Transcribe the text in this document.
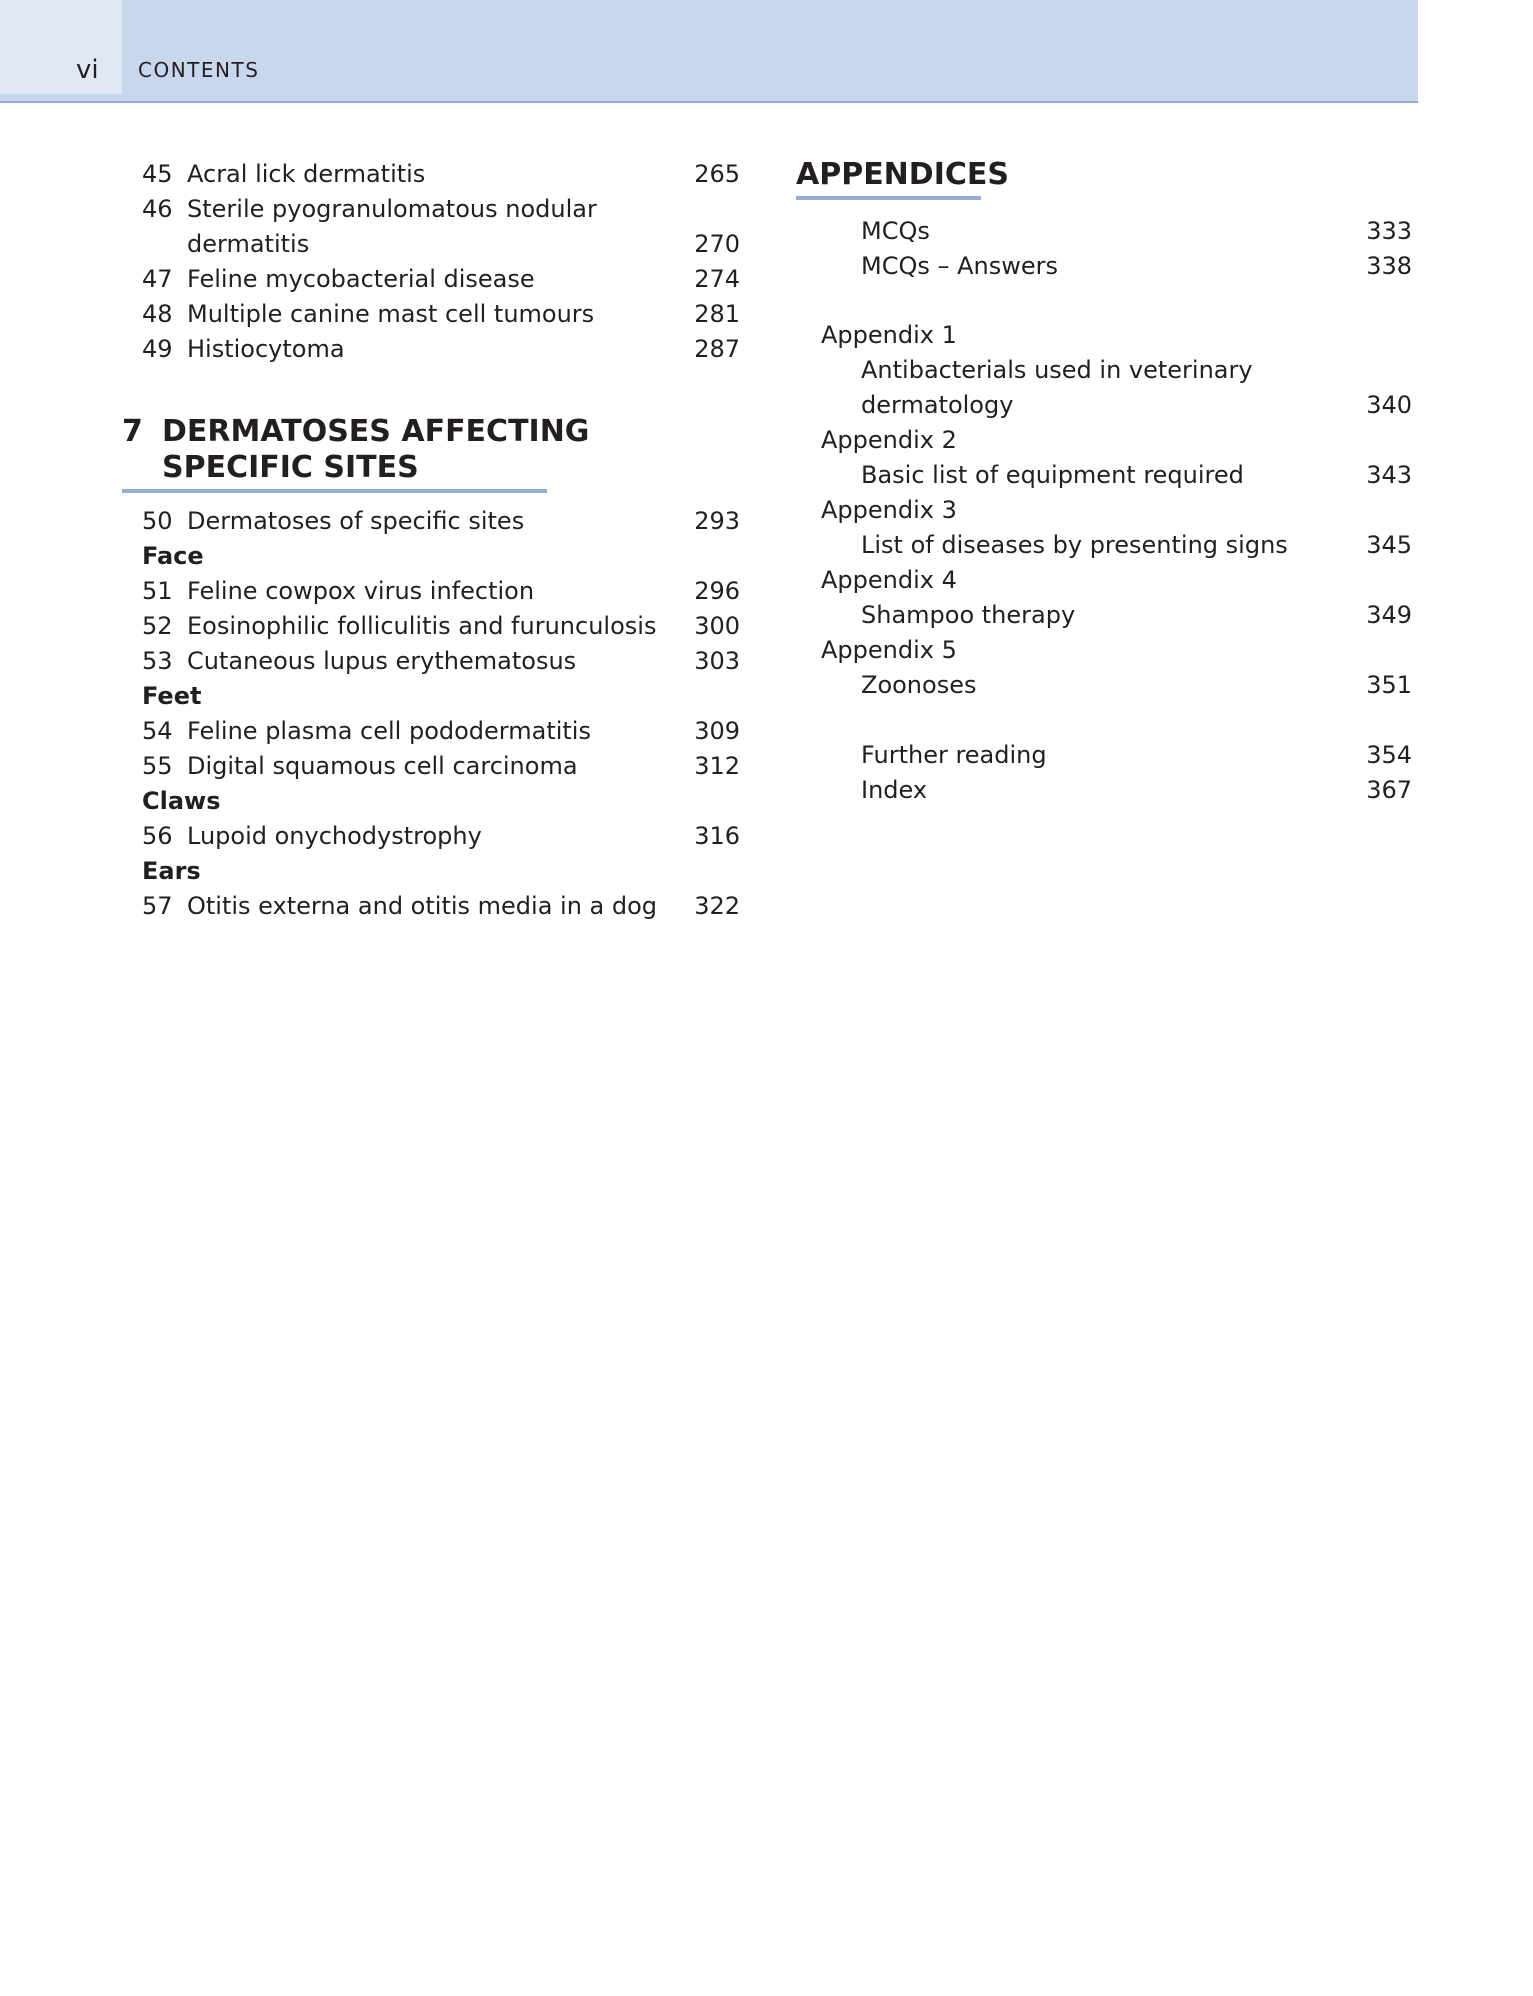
vi CONTENTS
45 Acral lick dermatitis	265
46 Sterile pyogranulomatous nodular
dermatitis	270
47 Feline mycobacterial disease	274
48 Multiple canine mast cell tumours	281
49 Histiocytoma	287
7 DERMATOSES AFFECTING
SPECIFIC SITES
50 Dermatoses of specific sites	293
Face
51 Feline cowpox virus infection	296
52 Eosinophilic folliculitis and furunculosis 300
53 Cutaneous lupus erythematosus	303
Feet
54 Feline plasma cell pododermatitis	309
55 Digital squamous cell carcinoma	312
Claws
56 Lupoid onychodystrophy	316
Ears
57 Otitis externa and otitis media in a dog 322
APPENDICES
MCQs	333
MCQs – Answers	338
Appendix 1
Antibacterials used in veterinary
dermatology	340
Appendix 2
Basic list of equipment required	343
Appendix 3
List of diseases by presenting signs	345
Appendix 4
Shampoo therapy	349
Appendix 5
Zoonoses	351
Further reading	354
Index	367
